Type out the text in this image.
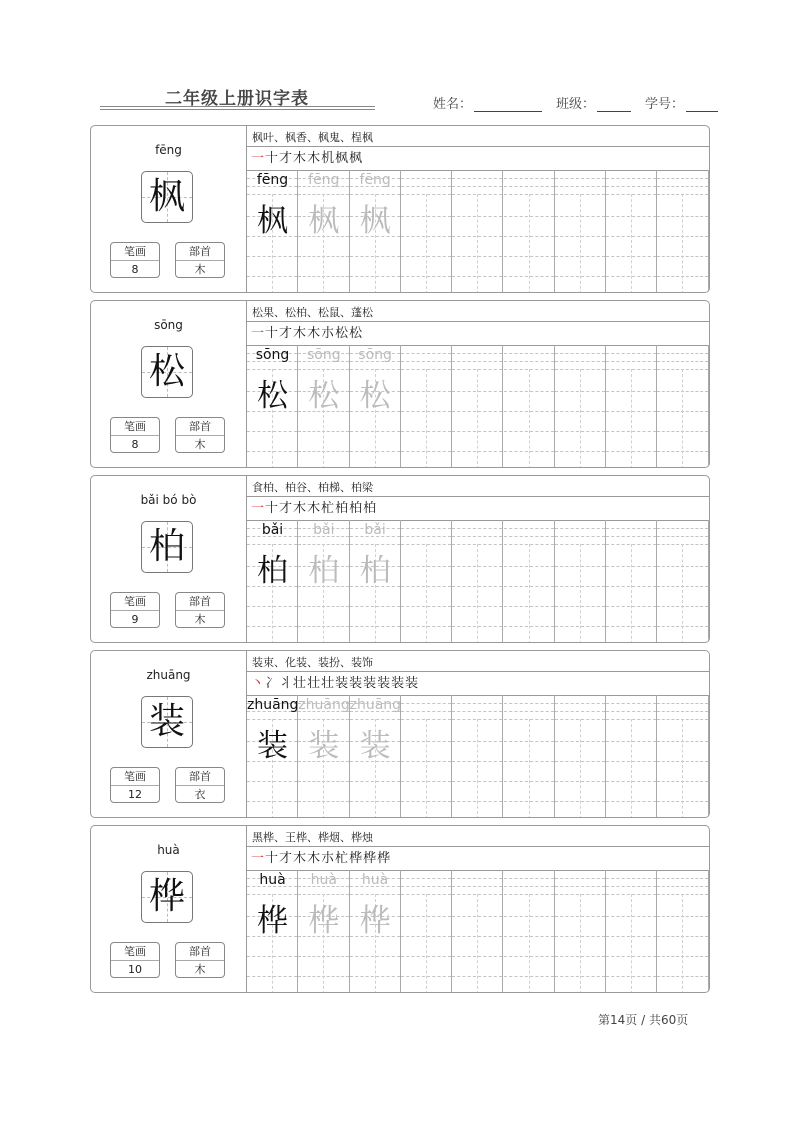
二年级上册识字表	姓名：	班级：	学号：
fēng
枫
笔画
8
部首
木
枫叶、枫香、枫鬼、桯枫
一十才木木机枫枫
fēng
枫
fēng
枫
fēng
枫
sōng
松
笔画
8
部首
木
松果、松柏、松鼠、蓬松
一十才木木朩松松
sōng
松
sōng
松
sōng
松
bǎi bó bò
柏
笔画
9
部首
木
食柏、柏谷、柏梯、柏梁
一十才木木杧柏柏柏
bǎi
柏
bǎi
柏
bǎi
柏
zhuāng
装
笔画
12
部首
衣
装束、化装、装扮、装饰
丶冫丬壮壮壮装装装装装装
zhuāng
装
zhuāng
装
zhuāng
装
huà
桦
笔画
10
部首
木
黑桦、王桦、桦烟、桦烛
一十才木木朩杧桦桦桦
huà
桦
huà
桦
huà
桦
第14页 / 共60页
